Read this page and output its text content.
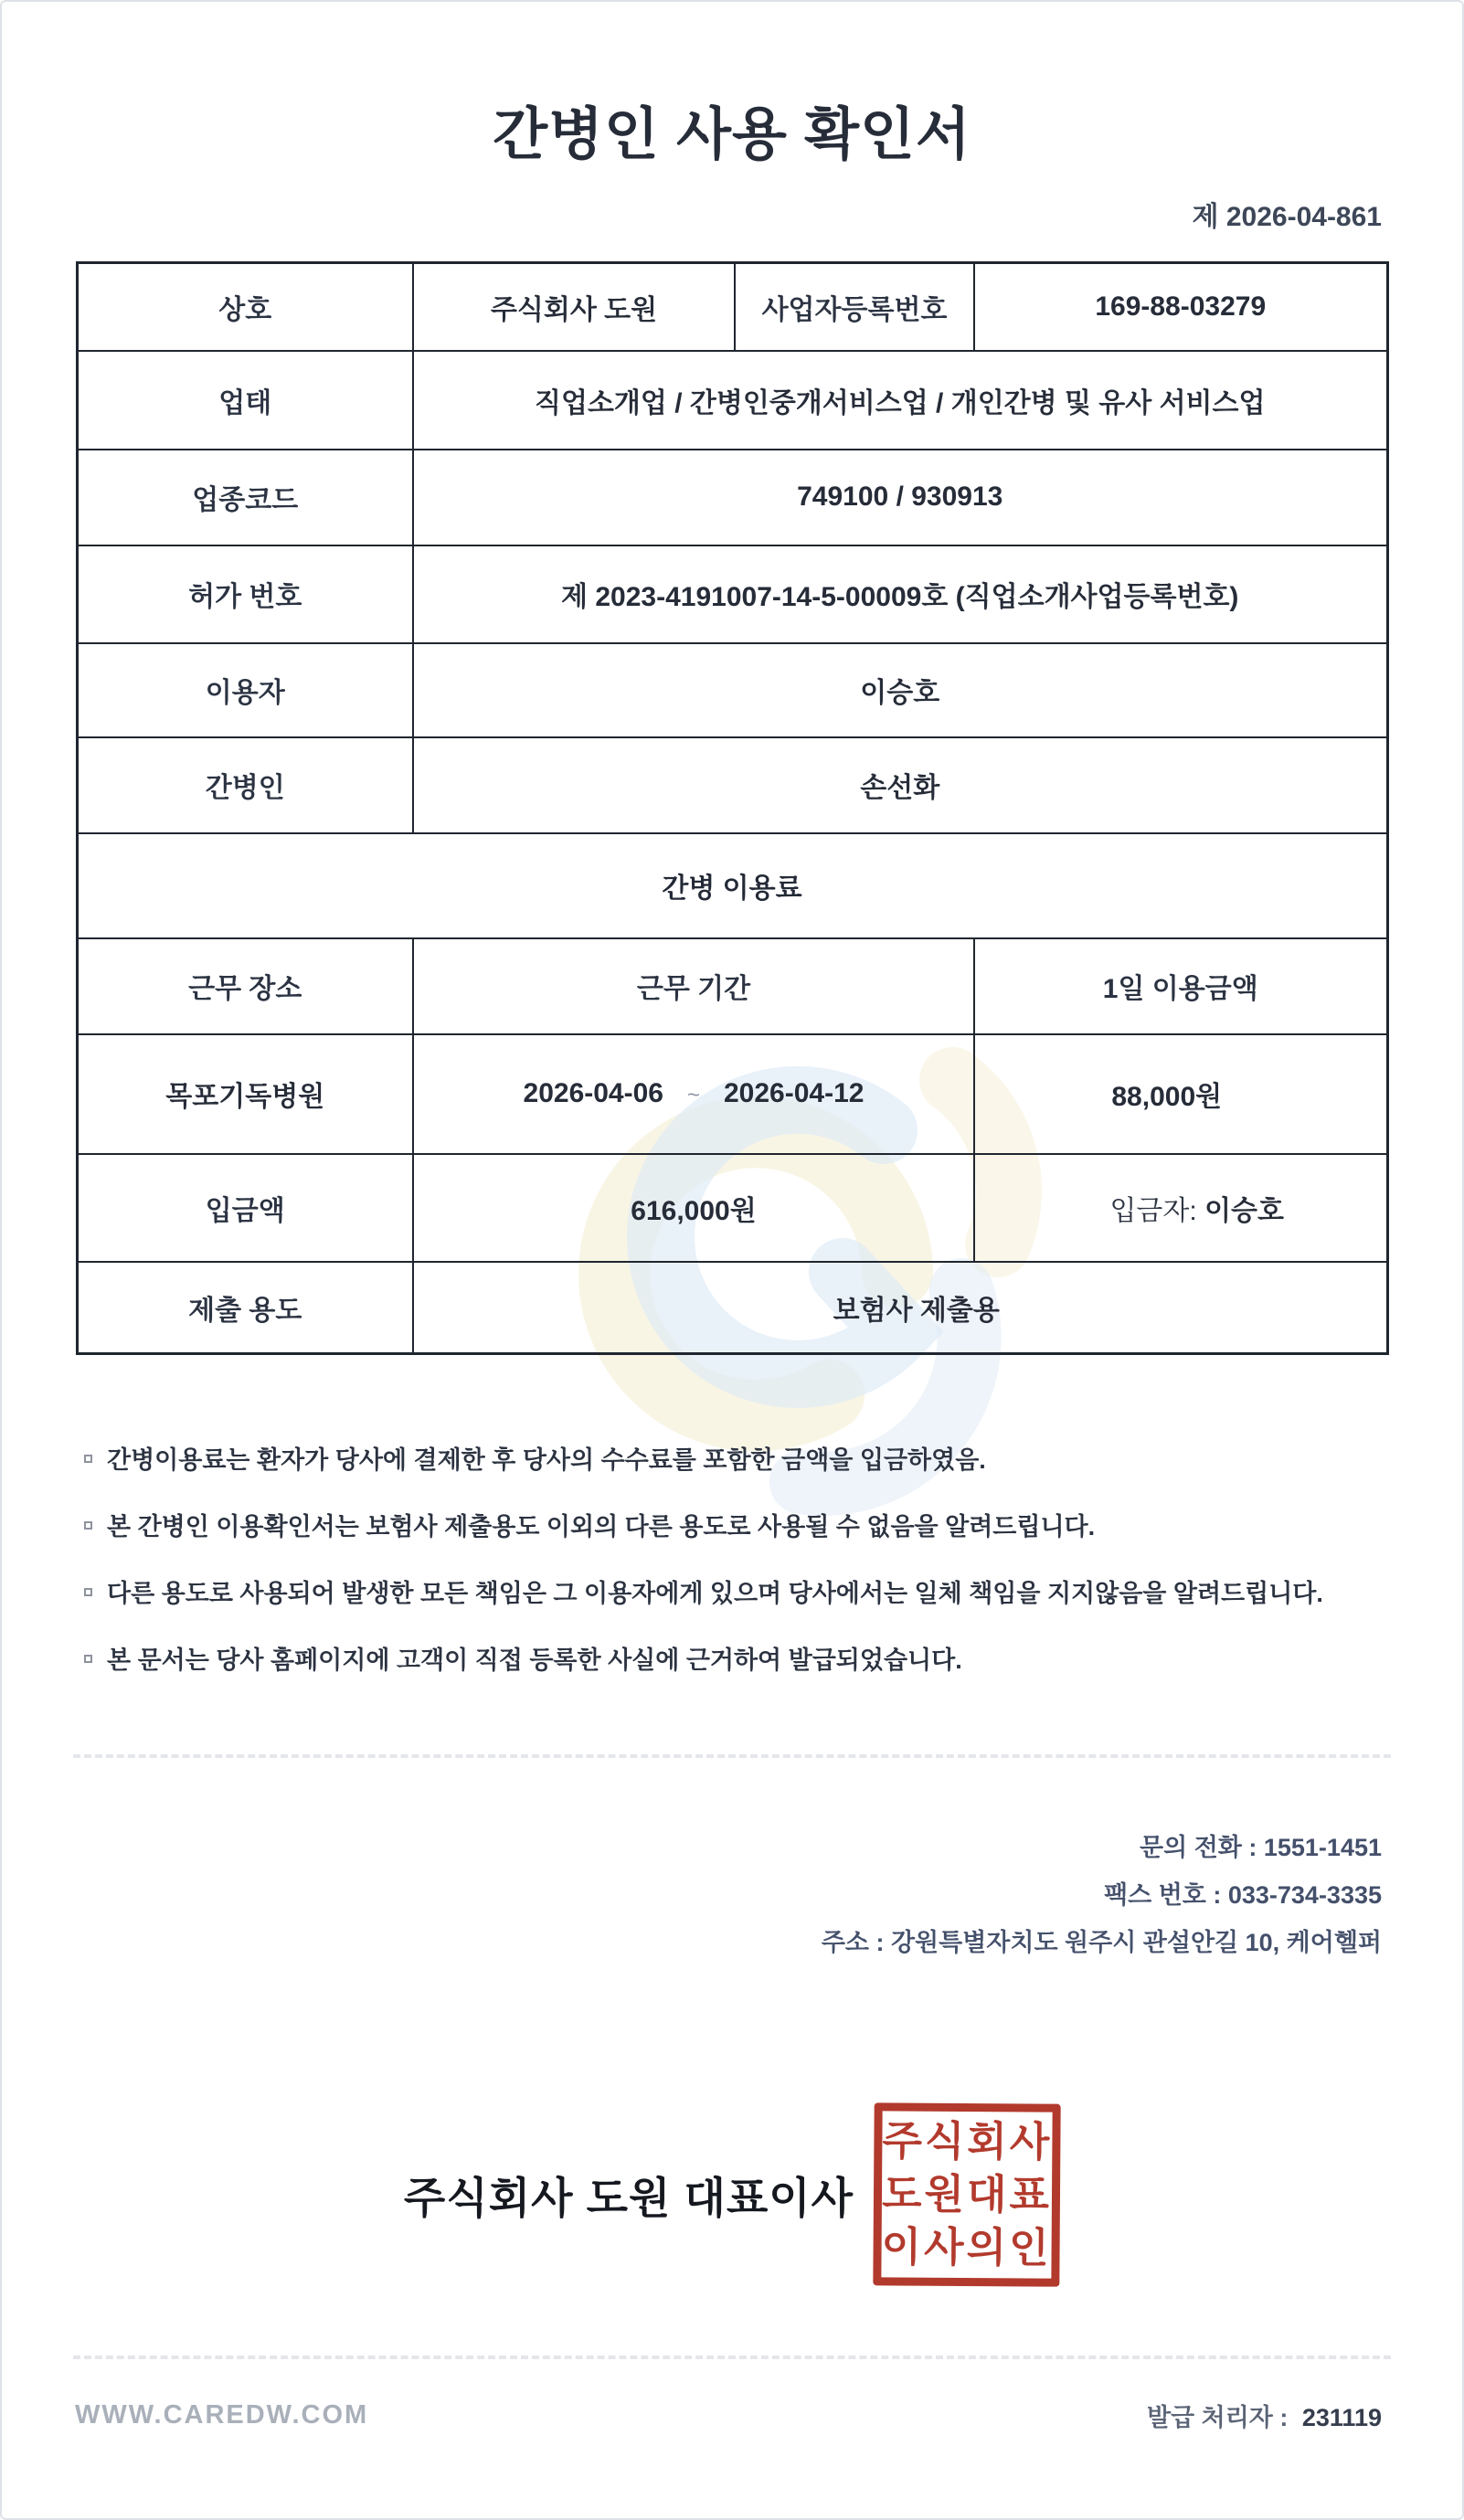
간병인 사용 확인서
제 2026-04-861
상호	주식회사 도원	사업자등록번호	169-88-03279
업태	직업소개업 / 간병인중개서비스업 / 개인간병 및 유사 서비스업		
업종코드	749100 / 930913		
허가 번호	제 2023-4191007-14-5-00009호 (직업소개사업등록번호)		
이용자	이승호		
간병인	손선화		
간병 이용료			
근무 장소	근무 기간		1일 이용금액
목포기독병원	2026-04-06 ~ 2026-04-12		88,000원
입금액	616,000원		입금자: 이승호
제출 용도	보험사 제출용		
간병이용료는 환자가 당사에 결제한 후 당사의 수수료를 포함한 금액을 입금하였음.
본 간병인 이용확인서는 보험사 제출용도 이외의 다른 용도로 사용될 수 없음을 알려드립니다.
다른 용도로 사용되어 발생한 모든 책임은 그 이용자에게 있으며 당사에서는 일체 책임을 지지않음을 알려드립니다.
본 문서는 당사 홈페이지에 고객이 직접 등록한 사실에 근거하여 발급되었습니다.
문의 전화 : 1551-1451
팩스 번호 : 033-734-3335
주소 : 강원특별자치도 원주시 관설안길 10, 케어헬퍼
주식회사 도원 대표이사
주식회사
도원대표
이사의인
WWW.CAREDW.COM	발급 처리자 : 231119
